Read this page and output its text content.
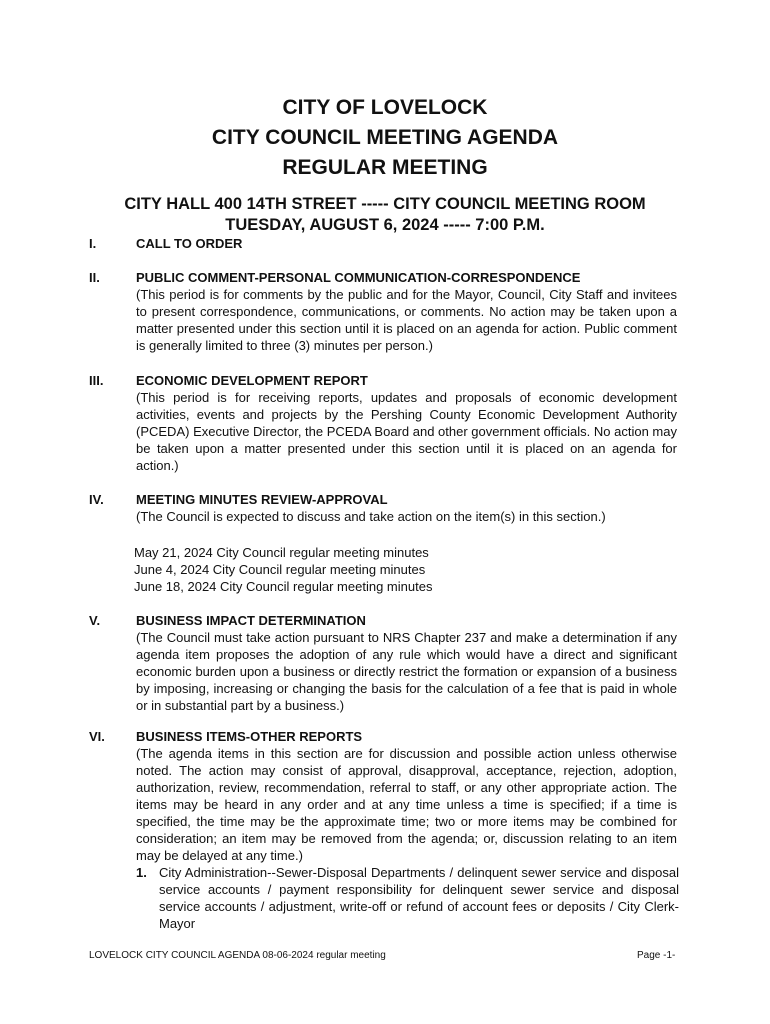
CITY OF LOVELOCK
CITY COUNCIL MEETING AGENDA
REGULAR MEETING
CITY HALL 400 14TH STREET ----- CITY COUNCIL MEETING ROOM
TUESDAY, AUGUST 6, 2024 ----- 7:00 P.M.
I.	CALL TO ORDER
II.	PUBLIC COMMENT-PERSONAL COMMUNICATION-CORRESPONDENCE
(This period is for comments by the public and for the Mayor, Council, City Staff and invitees to present correspondence, communications, or comments. No action may be taken upon a matter presented under this section until it is placed on an agenda for action. Public comment is generally limited to three (3) minutes per person.)
III.	ECONOMIC DEVELOPMENT REPORT
(This period is for receiving reports, updates and proposals of economic development activities, events and projects by the Pershing County Economic Development Authority (PCEDA) Executive Director, the PCEDA Board and other government officials. No action may be taken upon a matter presented under this section until it is placed on an agenda for action.)
IV. MEETING MINUTES REVIEW-APPROVAL
(The Council is expected to discuss and take action on the item(s) in this section.)
May 21, 2024 City Council regular meeting minutes
June 4, 2024 City Council regular meeting minutes
June 18, 2024 City Council regular meeting minutes
V.	BUSINESS IMPACT DETERMINATION
(The Council must take action pursuant to NRS Chapter 237 and make a determination if any agenda item proposes the adoption of any rule which would have a direct and significant economic burden upon a business or directly restrict the formation or expansion of a business by imposing, increasing or changing the basis for the calculation of a fee that is paid in whole or in substantial part by a business.)
VI. BUSINESS ITEMS-OTHER REPORTS
(The agenda items in this section are for discussion and possible action unless otherwise noted. The action may consist of approval, disapproval, acceptance, rejection, adoption, authorization, review, recommendation, referral to staff, or any other appropriate action. The items may be heard in any order and at any time unless a time is specified; if a time is specified, the time may be the approximate time; two or more items may be combined for consideration; an item may be removed from the agenda; or, discussion relating to an item may be delayed at any time.)
1. City Administration--Sewer-Disposal Departments / delinquent sewer service and disposal service accounts / payment responsibility for delinquent sewer service and disposal service accounts / adjustment, write-off or refund of account fees or deposits / City Clerk-Mayor
LOVELOCK CITY COUNCIL AGENDA 08-06-2024 regular meeting	Page -1-
